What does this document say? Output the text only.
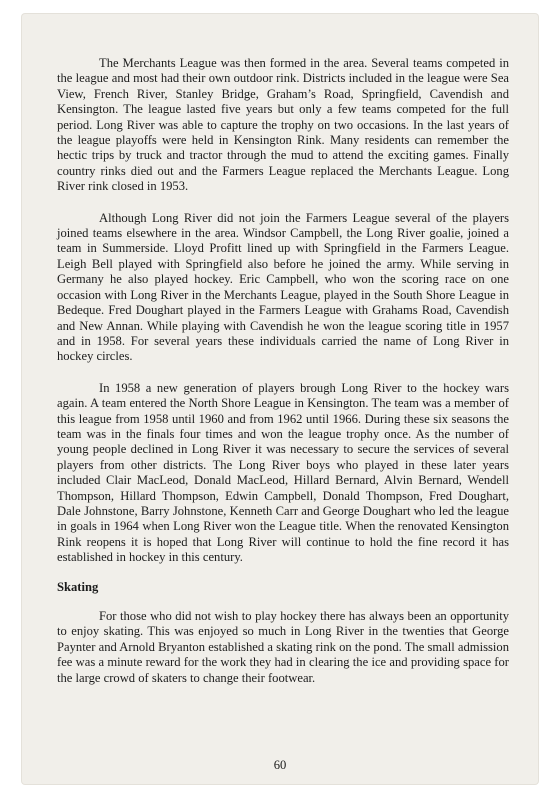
The Merchants League was then formed in the area. Several teams competed in the league and most had their own outdoor rink. Districts included in the league were Sea View, French River, Stanley Bridge, Graham’s Road, Springfield, Cavendish and Kensington. The league lasted five years but only a few teams competed for the full period. Long River was able to capture the trophy on two occasions. In the last years of the league playoffs were held in Kensington Rink. Many residents can remember the hectic trips by truck and tractor through the mud to attend the exciting games. Finally country rinks died out and the Farmers League replaced the Merchants League. Long River rink closed in 1953.

Although Long River did not join the Farmers League several of the players joined teams elsewhere in the area. Windsor Campbell, the Long River goalie, joined a team in Summerside. Lloyd Profitt lined up with Springfield in the Farmers League. Leigh Bell played with Springfield also before he joined the army. While serving in Germany he also played hockey. Eric Campbell, who won the scoring race on one occasion with Long River in the Merchants League, played in the South Shore League in Bedeque. Fred Doughart played in the Farmers League with Grahams Road, Cavendish and New Annan. While playing with Cavendish he won the league scoring title in 1957 and in 1958. For several years these individuals carried the name of Long River in hockey circles.

In 1958 a new generation of players brough Long River to the hockey wars again. A team entered the North Shore League in Kensington. The team was a member of this league from 1958 until 1960 and from 1962 until 1966. During these six seasons the team was in the finals four times and won the league trophy once. As the number of young people declined in Long River it was necessary to secure the services of several players from other districts. The Long River boys who played in these later years included Clair MacLeod, Donald MacLeod, Hillard Bernard, Alvin Bernard, Wendell Thompson, Hillard Thompson, Edwin Campbell, Donald Thompson, Fred Doughart, Dale Johnstone, Barry Johnstone, Kenneth Carr and George Doughart who led the league in goals in 1964 when Long River won the League title. When the renovated Kensington Rink reopens it is hoped that Long River will continue to hold the fine record it has established in hockey in this century.

Skating

For those who did not wish to play hockey there has always been an opportunity to enjoy skating. This was enjoyed so much in Long River in the twenties that George Paynter and Arnold Bryanton established a skating rink on the pond. The small admission fee was a minute reward for the work they had in clearing the ice and providing space for the large crowd of skaters to change their footwear.

60
